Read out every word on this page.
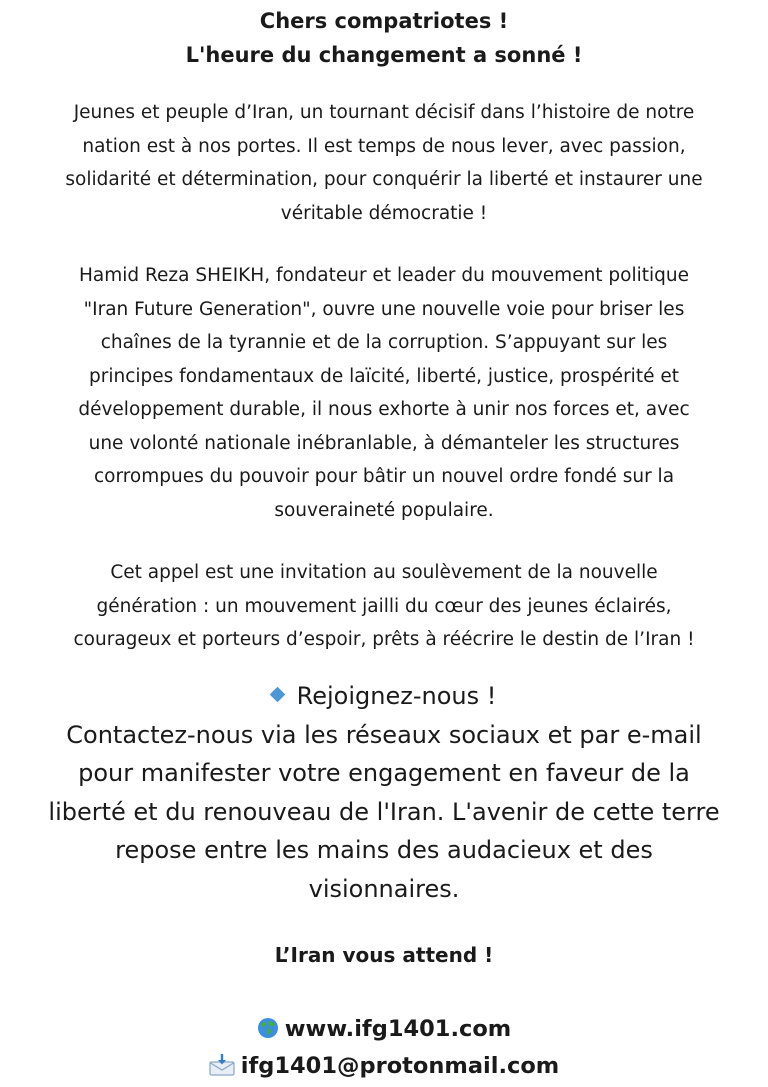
Chers compatriotes !
L'heure du changement a sonné !
Jeunes et peuple d’Iran, un tournant décisif dans l’histoire de notre
nation est à nos portes. Il est temps de nous lever, avec passion,
solidarité et détermination, pour conquérir la liberté et instaurer une
véritable démocratie !
Hamid Reza SHEIKH, fondateur et leader du mouvement politique
"Iran Future Generation", ouvre une nouvelle voie pour briser les
chaînes de la tyrannie et de la corruption. S’appuyant sur les
principes fondamentaux de laïcité, liberté, justice, prospérité et
développement durable, il nous exhorte à unir nos forces et, avec
une volonté nationale inébranlable, à démanteler les structures
corrompues du pouvoir pour bâtir un nouvel ordre fondé sur la
souveraineté populaire.
Cet appel est une invitation au soulèvement de la nouvelle
génération : un mouvement jailli du cœur des jeunes éclairés,
courageux et porteurs d’espoir, prêts à réécrire le destin de l’Iran !
Rejoignez-nous !
Contactez-nous via les réseaux sociaux et par e-mail
pour manifester votre engagement en faveur de la
liberté et du renouveau de l'Iran. L'avenir de cette terre
repose entre les mains des audacieux et des
visionnaires.
L’Iran vous attend !
www.ifg1401.com
ifg1401@protonmail.com
